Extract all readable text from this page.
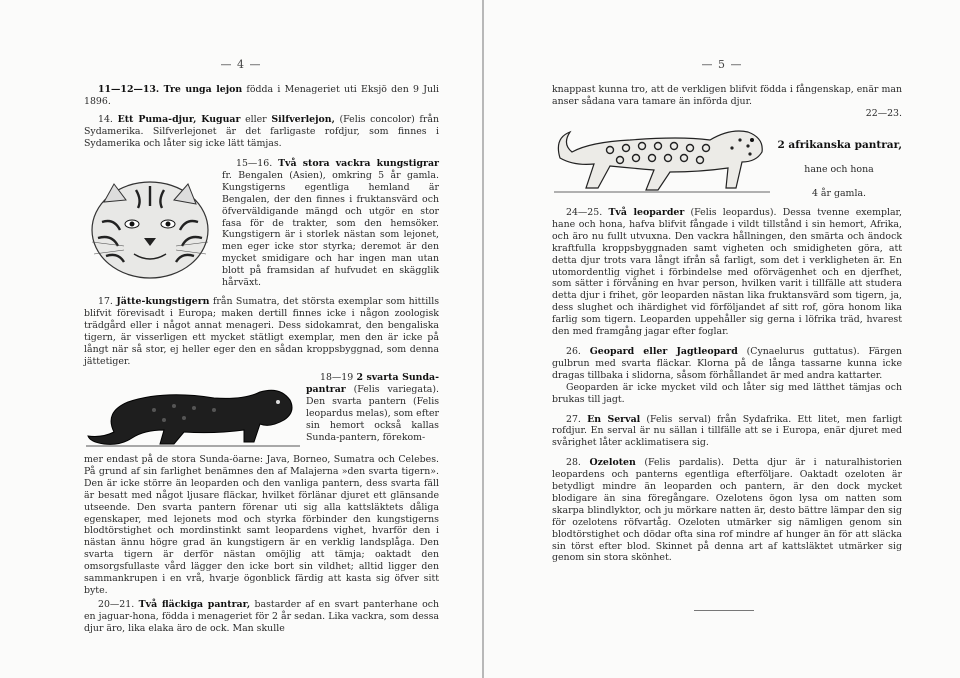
— 4 —

11—12—13. Tre unga lejon födda i Menageriet uti Eksjö den 9 Juli 1896.

14. Ett Puma-djur, Kuguar eller Silfverlejon, (Felis concolor) från Sydamerika. Silfverlejonet är det farligaste rofdjur, som finnes i Sydamerika och låter sig icke lätt tämjas.

15—16. Två stora vackra kungstigrar fr. Bengalen (Asien), omkring 5 år gamla. Kungstigerns egentliga hemland är Bengalen, der den finnes i fruktansvärd och öfverväldigande mängd och utgör en stor fasa för de trakter, som den hemsöker. Kungstigern är i storlek nästan som lejonet, men eger icke stor styrka; deremot är den mycket smidigare och har ingen man utan blott på framsidan af hufvudet en skägglik hårväxt.

17. Jätte-kungstigern från Sumatra, det största exemplar som hittills blifvit förevisadt i Europa; maken dertill finnes icke i någon zoologisk trädgård eller i något annat menageri. Dess sidokamrat, den bengaliska tigern, är visserligen ett mycket stätligt exemplar, men den är icke på långt när så stor, ej heller eger den en sådan kroppsbyggnad, som denna jättetiger.

18—19 2 svarta Sunda-pantrar (Felis variegata). Den svarta pantern (Felis leopardus melas), som efter sin hemort också kallas Sunda-pantern, förekom-

mer endast på de stora Sunda-öarne: Java, Borneo, Sumatra och Celebes. På grund af sin farlighet benämnes den af Malajerna »den svarta tigern». Den är icke större än leoparden och den vanliga pantern, dess svarta fäll är besatt med något ljusare fläckar, hvilket förlänar djuret ett glänsande utseende. Den svarta pantern förenar uti sig alla kattsläktets dåliga egenskaper, med lejonets mod och styrka förbinder den kungstigerns blodtörstighet och mordinstinkt samt leopardens vighet, hvarför den i nästan ännu högre grad än kungstigern är en verklig landsplåga. Den svarta tigern är derför nästan omöjlig att tämja; oaktadt den omsorgsfullaste vård lägger den icke bort sin vildhet; alltid ligger den sammankrupen i en vrå, hvarje ögonblick färdig att kasta sig öfver sitt byte.

20—21. Två fläckiga pantrar, bastarder af en svart panterhane och en jaguar-hona, födda i menageriet för 2 år sedan. Lika vackra, som dessa djur äro, lika elaka äro de ock. Man skulle

— 5 —

knappast kunna tro, att de verkligen blifvit födda i fångenskap, enär man anser sådana vara tamare än införda djur.

22—23.

2 afrikanska pantrar,

hane och hona

4 år gamla.

24—25. Två leoparder (Felis leopardus). Dessa tvenne exemplar, hane och hona, hafva blifvit fångade i vildt tillstånd i sin hemort, Afrika, och äro nu fullt utvuxna. Den vackra hållningen, den smärta och ändock kraftfulla kroppsbyggnaden samt vigheten och smidigheten göra, att detta djur trots vara långt ifrån så farligt, som det i verkligheten är. En utomordentlig vighet i förbindelse med oförvägenhet och en djerfhet, som sätter i förvåning en hvar person, hvilken varit i tillfälle att studera detta djur i frihet, gör leoparden nästan lika fruktansvärd som tigern, ja, dess slughet och ihärdighet vid förföljandet af sitt rof, göra honom lika farlig som tigern. Leoparden uppehåller sig gerna i löfrika träd, hvarest den med framgång jagar efter foglar.

26. Geopard eller Jagtleopard (Cynaelurus guttatus). Färgen gulbrun med svarta fläckar. Klorna på de långa tassarne kunna icke dragas tillbaka i slidorna, såsom förhållandet är med andra kattarter.

Geoparden är icke mycket vild och låter sig med lätthet tämjas och brukas till jagt.

27. En Serval (Felis serval) från Sydafrika. Ett litet, men farligt rofdjur. En serval är nu sällan i tillfälle att se i Europa, enär djuret med svårighet låter acklimatisera sig.

28. Ozeloten (Felis pardalis). Detta djur är i naturalhistorien leopardens och panterns egentliga efterföljare. Oaktadt ozeloten är betydligt mindre än leoparden och pantern, är den dock mycket blodigare än sina föregångare. Ozelotens ögon lysa om natten som skarpa blindlyktor, och ju mörkare natten är, desto bättre lämpar den sig för ozelotens röfvartåg. Ozeloten utmärker sig nämligen genom sin blodtörstighet och dödar ofta sina rof mindre af hunger än för att släcka sin törst efter blod. Skinnet på denna art af kattsläktet utmärker sig genom sin stora skönhet.
